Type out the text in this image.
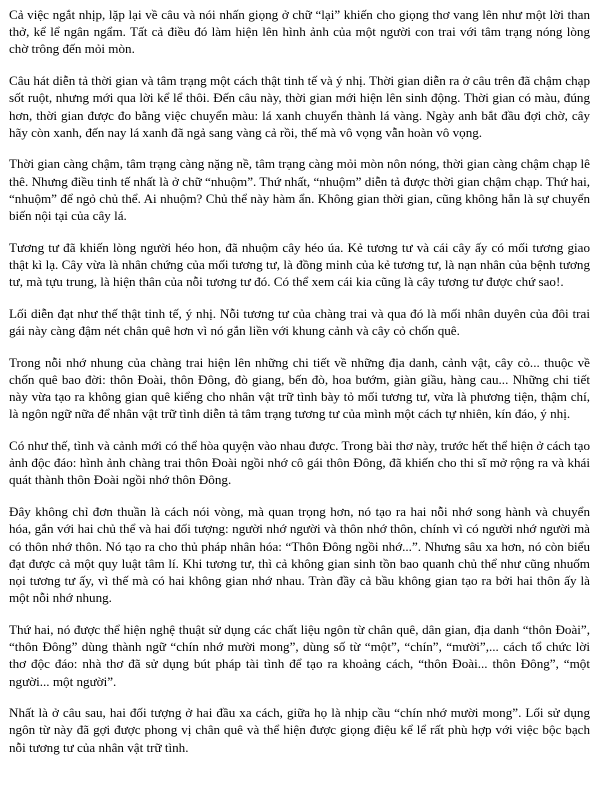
Cả việc ngắt nhịp, lặp lại về câu và nói nhấn giọng ở chữ “lại” khiến cho giọng thơ vang lên như một lời than thở, kể lể ngân ngẩm. Tất cả điều đó làm hiện lên hình ảnh của một người con trai với tâm trạng nóng lòng chờ trông đến mỏi mòn.

Câu hát diễn tả thời gian và tâm trạng một cách thật tinh tế và ý nhị. Thời gian diễn ra ở câu trên đã chậm chạp sốt ruột, nhưng mới qua lời kể lể thôi. Đến câu này, thời gian mới hiện lên sinh động. Thời gian có màu, đúng hơn, thời gian được đo bằng việc chuyển màu: lá xanh chuyển thành lá vàng. Ngày anh bắt đầu đợi chờ, cây hãy còn xanh, đến nay lá xanh đã ngả sang vàng cả rồi, thế mà vô vọng vẫn hoàn vô vọng.

Thời gian càng chậm, tâm trạng càng nặng nề, tâm trạng càng mỏi mòn nôn nóng, thời gian càng chậm chạp lê thê. Nhưng điều tinh tế nhất là ở chữ “nhuộm”. Thứ nhất, “nhuộm” diễn tả được thời gian chậm chạp. Thứ hai, “nhuộm” để ngỏ chủ thể. Ai nhuộm? Chủ thể này hàm ẩn. Không gian thời gian, cũng không hẳn là sự chuyển biến nội tại của cây lá.

Tương tư đã khiến lòng người héo hon, đã nhuộm cây héo úa. Kẻ tương tư và cái cây ấy có mối tương giao thật kì lạ. Cây vừa là nhân chứng của mối tương tư, là đồng minh của kẻ tương tư, là nạn nhân của bệnh tương tư, mà tựu trung, là hiện thân của nỗi tương tư đó. Có thể xem cái kia cũng là cây tương tư được chứ sao!.

Lối diễn đạt như thế thật tinh tế, ý nhị. Nỗi tương tư của chàng trai và qua đó là mối nhân duyên của đôi trai gái này càng đậm nét chân quê hơn vì nó gắn liền với khung cảnh và cây cỏ chốn quê.

Trong nỗi nhớ nhung của chàng trai hiện lên những chi tiết về những địa danh, cảnh vật, cây cỏ... thuộc về chốn quê bao đời: thôn Đoài, thôn Đông, đò giang, bến đò, hoa bướm, giàn giầu, hàng cau... Những chi tiết này vừa tạo ra không gian quê kiểng cho nhân vật trữ tình bày tỏ mối tương tư, vừa là phương tiện, thậm chí, là ngôn ngữ nữa để nhân vật trữ tình diễn tả tâm trạng tương tư của mình một cách tự nhiên, kín đáo, ý nhị.

Có như thế, tình và cảnh mới có thể hòa quyện vào nhau được. Trong bài thơ này, trước hết thể hiện ở cách tạo ảnh độc đáo: hình ảnh chàng trai thôn Đoài ngồi nhớ cô gái thôn Đông, đã khiến cho thi sĩ mở rộng ra và khái quát thành thôn Đoài ngồi nhớ thôn Đông.

Đây không chỉ đơn thuần là cách nói vòng, mà quan trọng hơn, nó tạo ra hai nỗi nhớ song hành và chuyển hóa, gắn với hai chủ thể và hai đối tượng: người nhớ người và thôn nhớ thôn, chính vì có người nhớ người mà có thôn nhớ thôn. Nó tạo ra cho thủ pháp nhân hóa: “Thôn Đông ngồi nhớ...”. Nhưng sâu xa hơn, nó còn biểu đạt được cả một quy luật tâm lí. Khi tương tư, thì cả không gian sinh tồn bao quanh chủ thể như cũng nhuốm nọi tương tư ấy, vì thế mà có hai không gian nhớ nhau. Tràn đầy cả bầu không gian tạo ra bởi hai thôn ấy là một nỗi nhớ nhung.

Thứ hai, nó được thể hiện nghệ thuật sử dụng các chất liệu ngôn từ chân quê, dân gian, địa danh “thôn Đoài”, “thôn Đông” dùng thành ngữ “chín nhớ mười mong”, dùng số từ “một”, “chín”, “mười”,... cách tổ chức lời thơ độc đáo: nhà thơ đã sử dụng bút pháp tài tình để tạo ra khoảng cách, “thôn Đoài... thôn Đông”, “một người... một người”.

Nhất là ở câu sau, hai đối tượng ở hai đầu xa cách, giữa họ là nhịp cầu “chín nhớ mười mong”. Lối sử dụng ngôn từ này đã gợi được phong vị chân quê và thể hiện được giọng điệu kể lể rất phù hợp với việc bộc bạch nỗi tương tư của nhân vật trữ tình.
